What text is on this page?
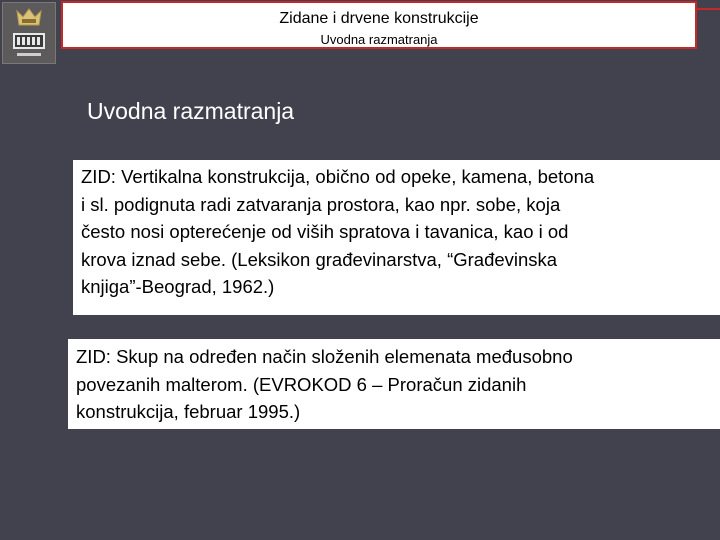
Zidane i drvene konstrukcije
Uvodna razmatranja
Uvodna razmatranja
ZID: Vertikalna konstrukcija, obično od opeke, kamena, betona
i sl. podignuta radi zatvaranja prostora, kao npr. sobe, koja
često nosi opterećenje od viših spratova i tavanica, kao i od
krova iznad sebe. (Leksikon građevinarstva, “Građevinska
knjiga”-Beograd, 1962.)
ZID: Skup na određen način složenih elemenata međusobno
povezanih malterom. (EVROKOD 6 – Proračun zidanih
konstrukcija, februar 1995.)
